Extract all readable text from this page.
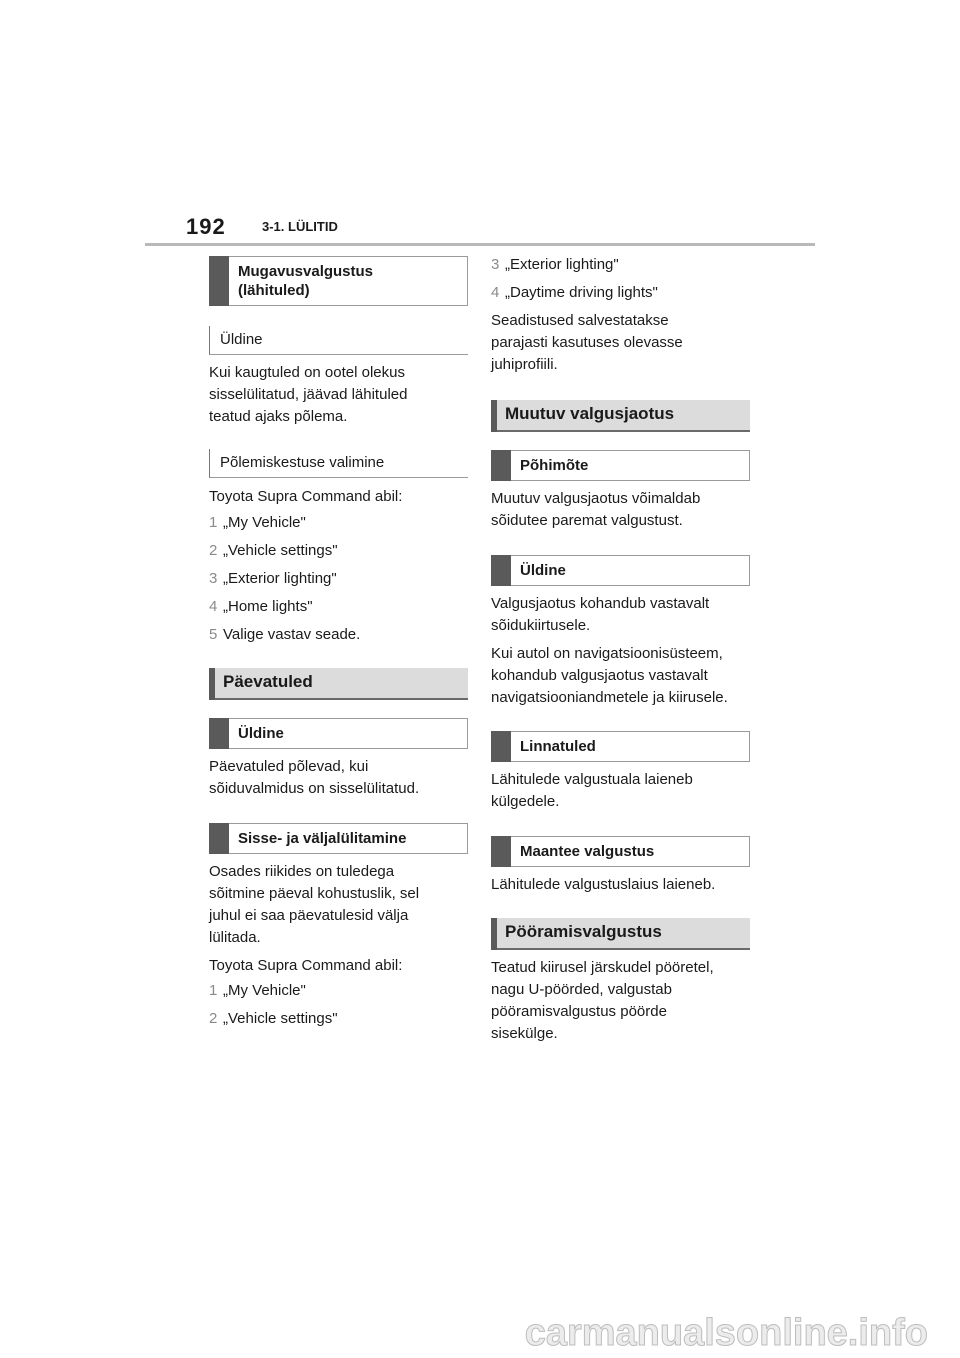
192	3-1. LÜLITID
Mugavusvalgustus
(lähituled)
Üldine

Kui kaugtuled on ootel olekus
sisselülitatud, jäävad lähituled
teatud ajaks põlema.

Põlemiskestuse valimine

Toyota Supra Command abil:

1 „My Vehicle"
2 „Vehicle settings"
3 „Exterior lighting"
4 „Home lights"
5 Valige vastav seade.
Päevatuled
Üldine

Päevatuled põlevad, kui
sõiduvalmidus on sisselülitatud.

Sisse- ja väljalülitamine

Osades riikides on tuledega
sõitmine päeval kohustuslik, sel
juhul ei saa päevatulesid välja
lülitada.

Toyota Supra Command abil:

1 „My Vehicle"
2 „Vehicle settings"
3 „Exterior lighting"
4 „Daytime driving lights"

Seadistused salvestatakse
parajasti kasutuses olevasse
juhiprofiili.

Muutuv valgusjaotus
Põhimõte

Muutuv valgusjaotus võimaldab
sõidutee paremat valgustust.

Üldine

Valgusjaotus kohandub vastavalt
sõidukiirtusele.

Kui autol on navigatsioonisüsteem,
kohandub valgusjaotus vastavalt
navigatsiooniandmetele ja kiirusele.

Linnatuled

Lähitulede valgustuala laieneb
külgedele.

Maantee valgustus

Lähitulede valgustuslaius laieneb.

Pööramisvalgustus

Teatud kiirusel järskudel pööretel,
nagu U-pöörded, valgustab
pööramisvalgustus pöörde
sisekülge.

carmanualsonline.info
